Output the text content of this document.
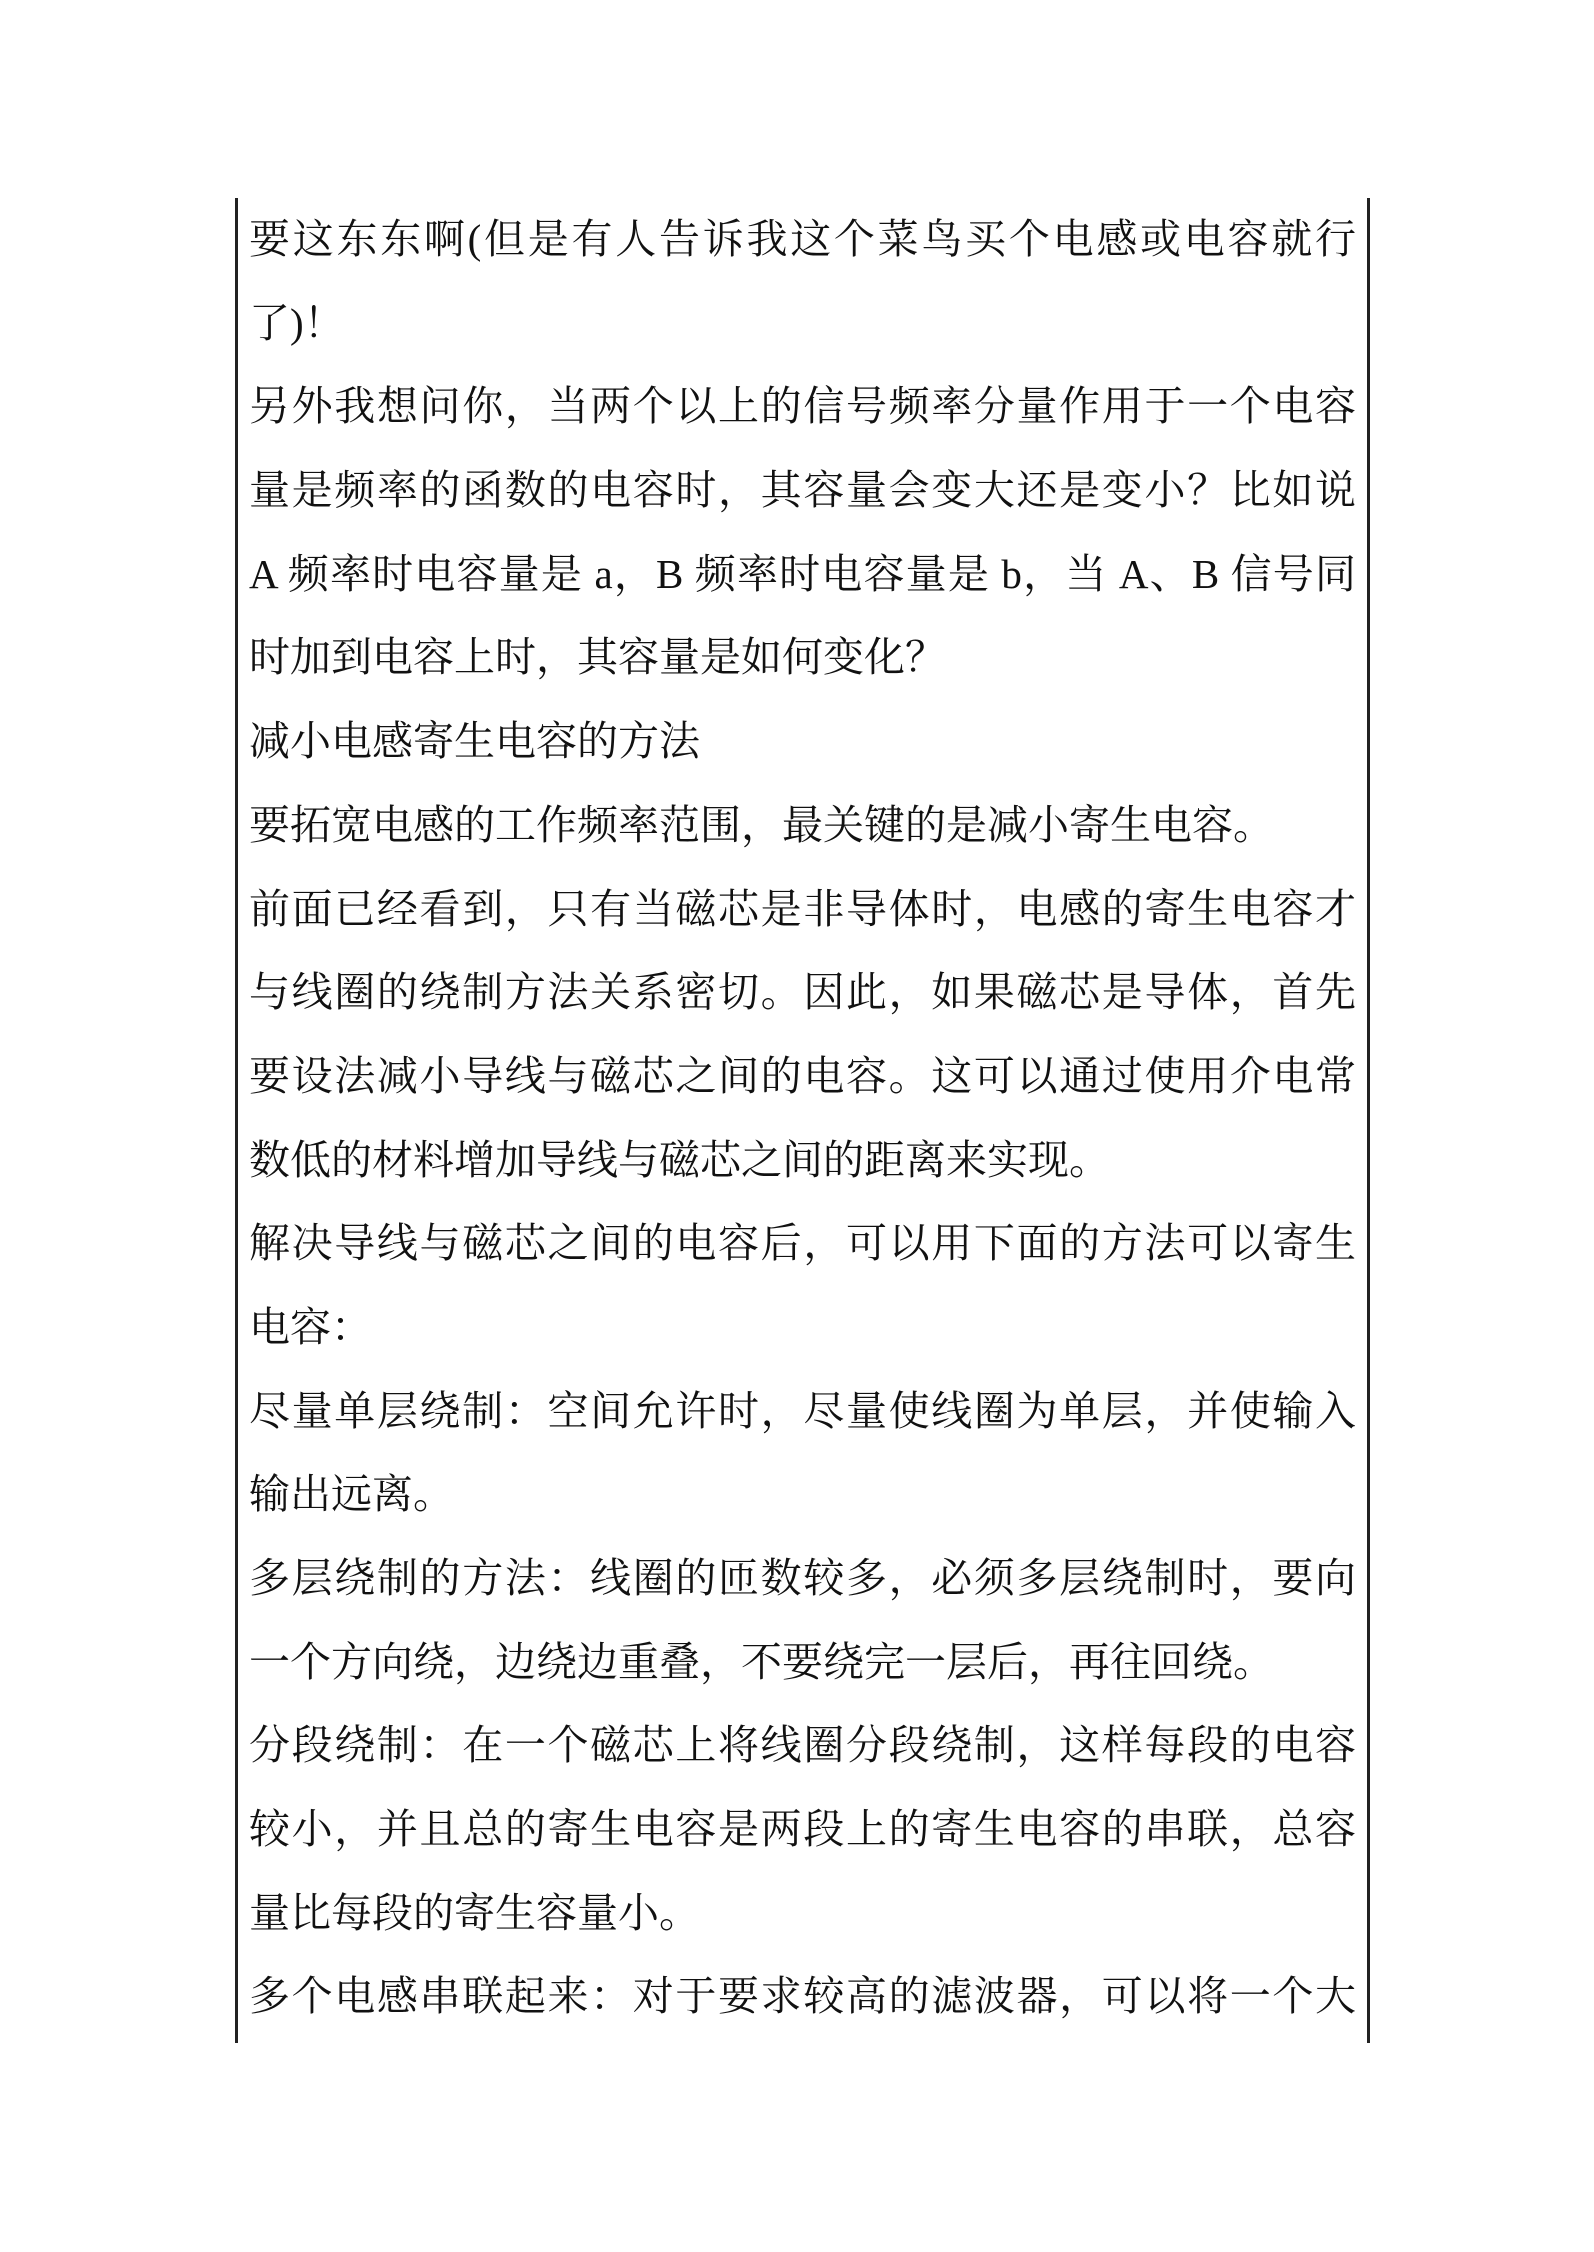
要这东东啊(但是有人告诉我这个菜鸟买个电感或电容就行
了)！
另外我想问你，当两个以上的信号频率分量作用于一个电容
量是频率的函数的电容时，其容量会变大还是变小？比如说
A 频率时电容量是 a，B 频率时电容量是 b，当 A、B 信号同
时加到电容上时，其容量是如何变化？
减小电感寄生电容的方法
要拓宽电感的工作频率范围，最关键的是减小寄生电容。
前面已经看到，只有当磁芯是非导体时，电感的寄生电容才
与线圈的绕制方法关系密切。因此，如果磁芯是导体，首先
要设法减小导线与磁芯之间的电容。这可以通过使用介电常
数低的材料增加导线与磁芯之间的距离来实现。
解决导线与磁芯之间的电容后，可以用下面的方法可以寄生
电容：
尽量单层绕制：空间允许时，尽量使线圈为单层，并使输入
输出远离。
多层绕制的方法：线圈的匝数较多，必须多层绕制时，要向
一个方向绕，边绕边重叠，不要绕完一层后，再往回绕。
分段绕制：在一个磁芯上将线圈分段绕制，这样每段的电容
较小，并且总的寄生电容是两段上的寄生电容的串联，总容
量比每段的寄生容量小。
多个电感串联起来：对于要求较高的滤波器，可以将一个大
